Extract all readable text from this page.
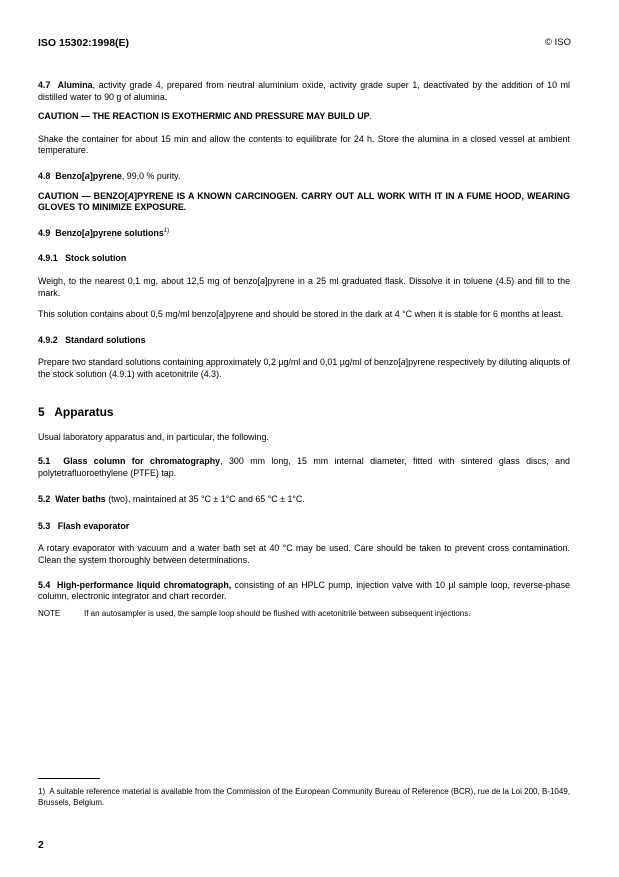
ISO 15302:1998(E)	© ISO

4.7 Alumina, activity grade 4, prepared from neutral aluminium oxide, activity grade super 1, deactivated by the addition of 10 ml distilled water to 90 g of alumina.

CAUTION — THE REACTION IS EXOTHERMIC AND PRESSURE MAY BUILD UP.

Shake the container for about 15 min and allow the contents to equilibrate for 24 h. Store the alumina in a closed vessel at ambient temperature.

4.8 Benzo[a]pyrene, 99,0 % purity.

CAUTION — BENZO[A]PYRENE IS A KNOWN CARCINOGEN. CARRY OUT ALL WORK WITH IT IN A FUME HOOD, WEARING GLOVES TO MINIMIZE EXPOSURE.

4.9 Benzo[a]pyrene solutions$^{1)}$

4.9.1   Stock solution

Weigh, to the nearest 0,1 mg, about 12,5 mg of benzo[a]pyrene in a 25 ml graduated flask. Dissolve it in toluene (4.5) and fill to the mark.

This solution contains about 0,5 mg/ml benzo[a]pyrene and should be stored in the dark at 4 °C when it is stable for 6 months at least.

4.9.2   Standard solutions

Prepare two standard solutions containing approximately 0,2 µg/ml and 0,01 µg/ml of benzo[a]pyrene respectively by diluting aliquots of the stock solution (4.9.1) with acetonitrile (4.3).

5   Apparatus

Usual laboratory apparatus and, in particular, the following.

5.1 Glass column for chromatography, 300 mm long, 15 mm internal diameter, fitted with sintered glass discs, and polytetrafluoroethylene (PTFE) tap.

5.2 Water baths (two), maintained at 35 °C ± 1°C and 65 °C ± 1°C.

5.3   Flash evaporator

A rotary evaporator with vacuum and a water bath set at 40 °C may be used. Care should be taken to prevent cross contamination. Clean the system thoroughly between determinations.

5.4 High-performance liquid chromatograph, consisting of an HPLC pump, injection valve with 10 µl sample loop, reverse-phase column, electronic integrator and chart recorder.

NOTE	If an autosampler is used, the sample loop should be flushed with acetonitrile between subsequent injections.
1)  A suitable reference material is available from the Commission of the European Community Bureau of Reference (BCR), rue de la Loi 200, B-1049, Brussels, Belgium.
2
